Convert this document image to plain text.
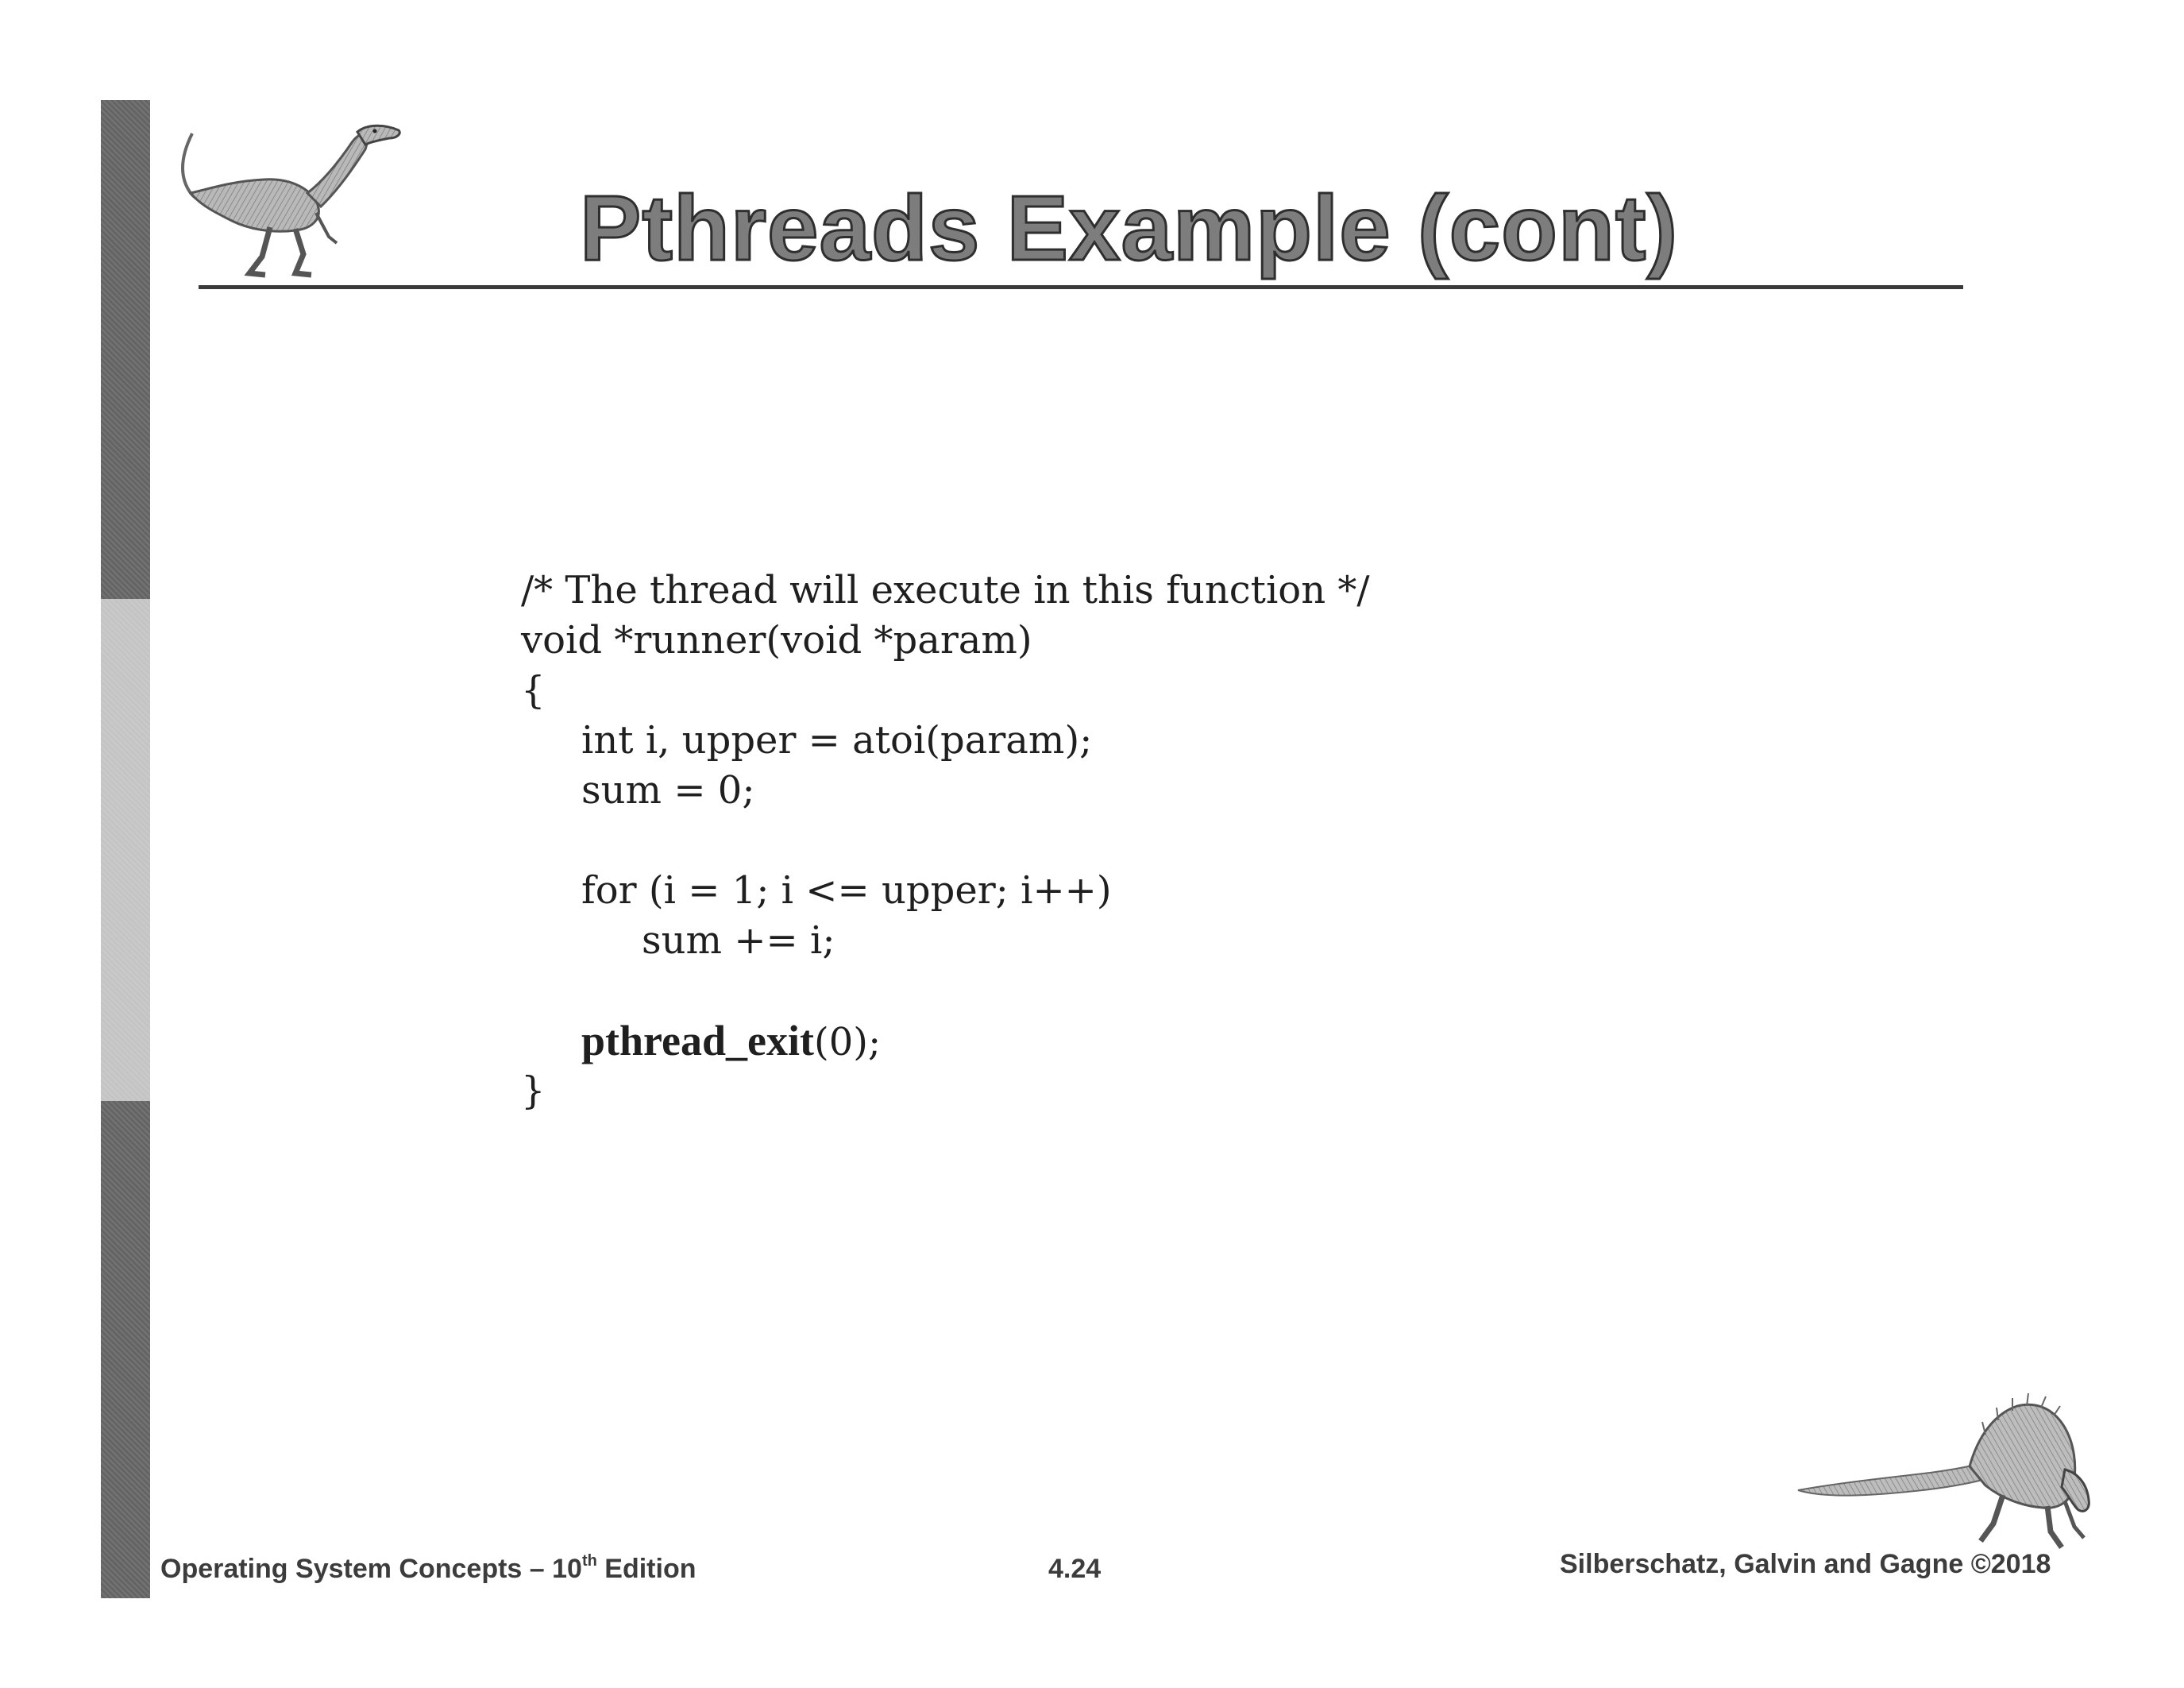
Pthreads Example (cont)
/* The thread will execute in this function */
void *runner(void *param)
{
int i, upper = atoi(param);
sum = 0;
for (i = 1; i <= upper; i++)
sum += i;
pthread_exit(0);
}
Operating System Concepts – 10th Edition	4.24	Silberschatz, Galvin and Gagne ©2018
